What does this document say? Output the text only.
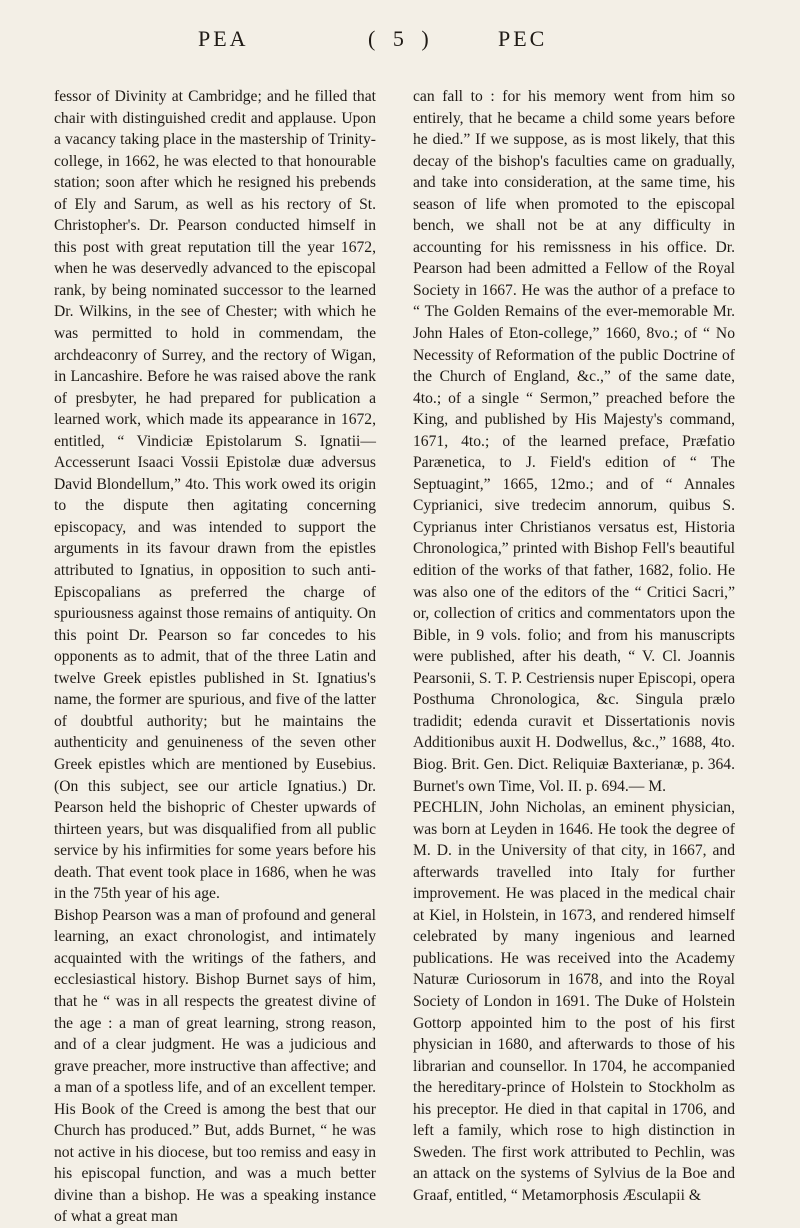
PEA	( 5 )	PEC

fessor of Divinity at Cambridge; and he filled that chair with distinguished credit and applause. Upon a vacancy taking place in the mastership of Trinity-college, in 1662, he was elected to that honourable station; soon after which he resigned his prebends of Ely and Sarum, as well as his rectory of St. Christopher's. Dr. Pearson conducted himself in this post with great reputation till the year 1672, when he was deservedly advanced to the episcopal rank, by being nominated successor to the learned Dr. Wilkins, in the see of Chester; with which he was permitted to hold in commendam, the archdeaconry of Surrey, and the rectory of Wigan, in Lancashire. Before he was raised above the rank of presbyter, he had prepared for publication a learned work, which made its appearance in 1672, entitled, “ Vindiciæ Epistolarum S. Ignatii—Accesserunt Isaaci Vossii Epistolæ duæ adversus David Blondellum,” 4to. This work owed its origin to the dispute then agitating concerning episcopacy, and was intended to support the arguments in its favour drawn from the epistles attributed to Ignatius, in opposition to such anti-Episcopalians as preferred the charge of spuriousness against those remains of antiquity. On this point Dr. Pearson so far concedes to his opponents as to admit, that of the three Latin and twelve Greek epistles published in St. Ignatius's name, the former are spurious, and five of the latter of doubtful authority; but he maintains the authenticity and genuineness of the seven other Greek epistles which are mentioned by Eusebius. (On this subject, see our article Ignatius.) Dr. Pearson held the bishopric of Chester upwards of thirteen years, but was disqualified from all public service by his infirmities for some years before his death. That event took place in 1686, when he was in the 75th year of his age.

Bishop Pearson was a man of profound and general learning, an exact chronologist, and intimately acquainted with the writings of the fathers, and ecclesiastical history. Bishop Burnet says of him, that he “ was in all respects the greatest divine of the age : a man of great learning, strong reason, and of a clear judgment. He was a judicious and grave preacher, more instructive than affective; and a man of a spotless life, and of an excellent temper. His Book of the Creed is among the best that our Church has produced.” But, adds Burnet, “ he was not active in his diocese, but too remiss and easy in his episcopal function, and was a much better divine than a bishop. He was a speaking instance of what a great man

can fall to : for his memory went from him so entirely, that he became a child some years before he died.” If we suppose, as is most likely, that this decay of the bishop's faculties came on gradually, and take into consideration, at the same time, his season of life when promoted to the episcopal bench, we shall not be at any difficulty in accounting for his remissness in his office. Dr. Pearson had been admitted a Fellow of the Royal Society in 1667. He was the author of a preface to “ The Golden Remains of the ever-memorable Mr. John Hales of Eton-college,” 1660, 8vo.; of “ No Necessity of Reformation of the public Doctrine of the Church of England, &c.,” of the same date, 4to.; of a single “ Sermon,” preached before the King, and published by His Majesty's command, 1671, 4to.; of the learned preface, Præfatio Parænetica, to J. Field's edition of “ The Septuagint,” 1665, 12mo.; and of “ Annales Cyprianici, sive tredecim annorum, quibus S. Cyprianus inter Christianos versatus est, Historia Chronologica,” printed with Bishop Fell's beautiful edition of the works of that father, 1682, folio. He was also one of the editors of the “ Critici Sacri,” or, collection of critics and commentators upon the Bible, in 9 vols. folio; and from his manuscripts were published, after his death, “ V. Cl. Joannis Pearsonii, S. T. P. Cestriensis nuper Episcopi, opera Posthuma Chronologica, &c. Singula prælo tradidit; edenda curavit et Dissertationis novis Additionibus auxit H. Dodwellus, &c.,” 1688, 4to. Biog. Brit. Gen. Dict. Reliquiæ Baxterianæ, p. 364. Burnet's own Time, Vol. II. p. 694.— M.

PECHLIN, John Nicholas, an eminent physician, was born at Leyden in 1646. He took the degree of M. D. in the University of that city, in 1667, and afterwards travelled into Italy for further improvement. He was placed in the medical chair at Kiel, in Holstein, in 1673, and rendered himself celebrated by many ingenious and learned publications. He was received into the Academy Naturæ Curiosorum in 1678, and into the Royal Society of London in 1691. The Duke of Holstein Gottorp appointed him to the post of his first physician in 1680, and afterwards to those of his librarian and counsellor. In 1704, he accompanied the hereditary-prince of Holstein to Stockholm as his preceptor. He died in that capital in 1706, and left a family, which rose to high distinction in Sweden. The first work attributed to Pechlin, was an attack on the systems of Sylvius de la Boe and Graaf, entitled, “ Metamorphosis Æsculapii &
